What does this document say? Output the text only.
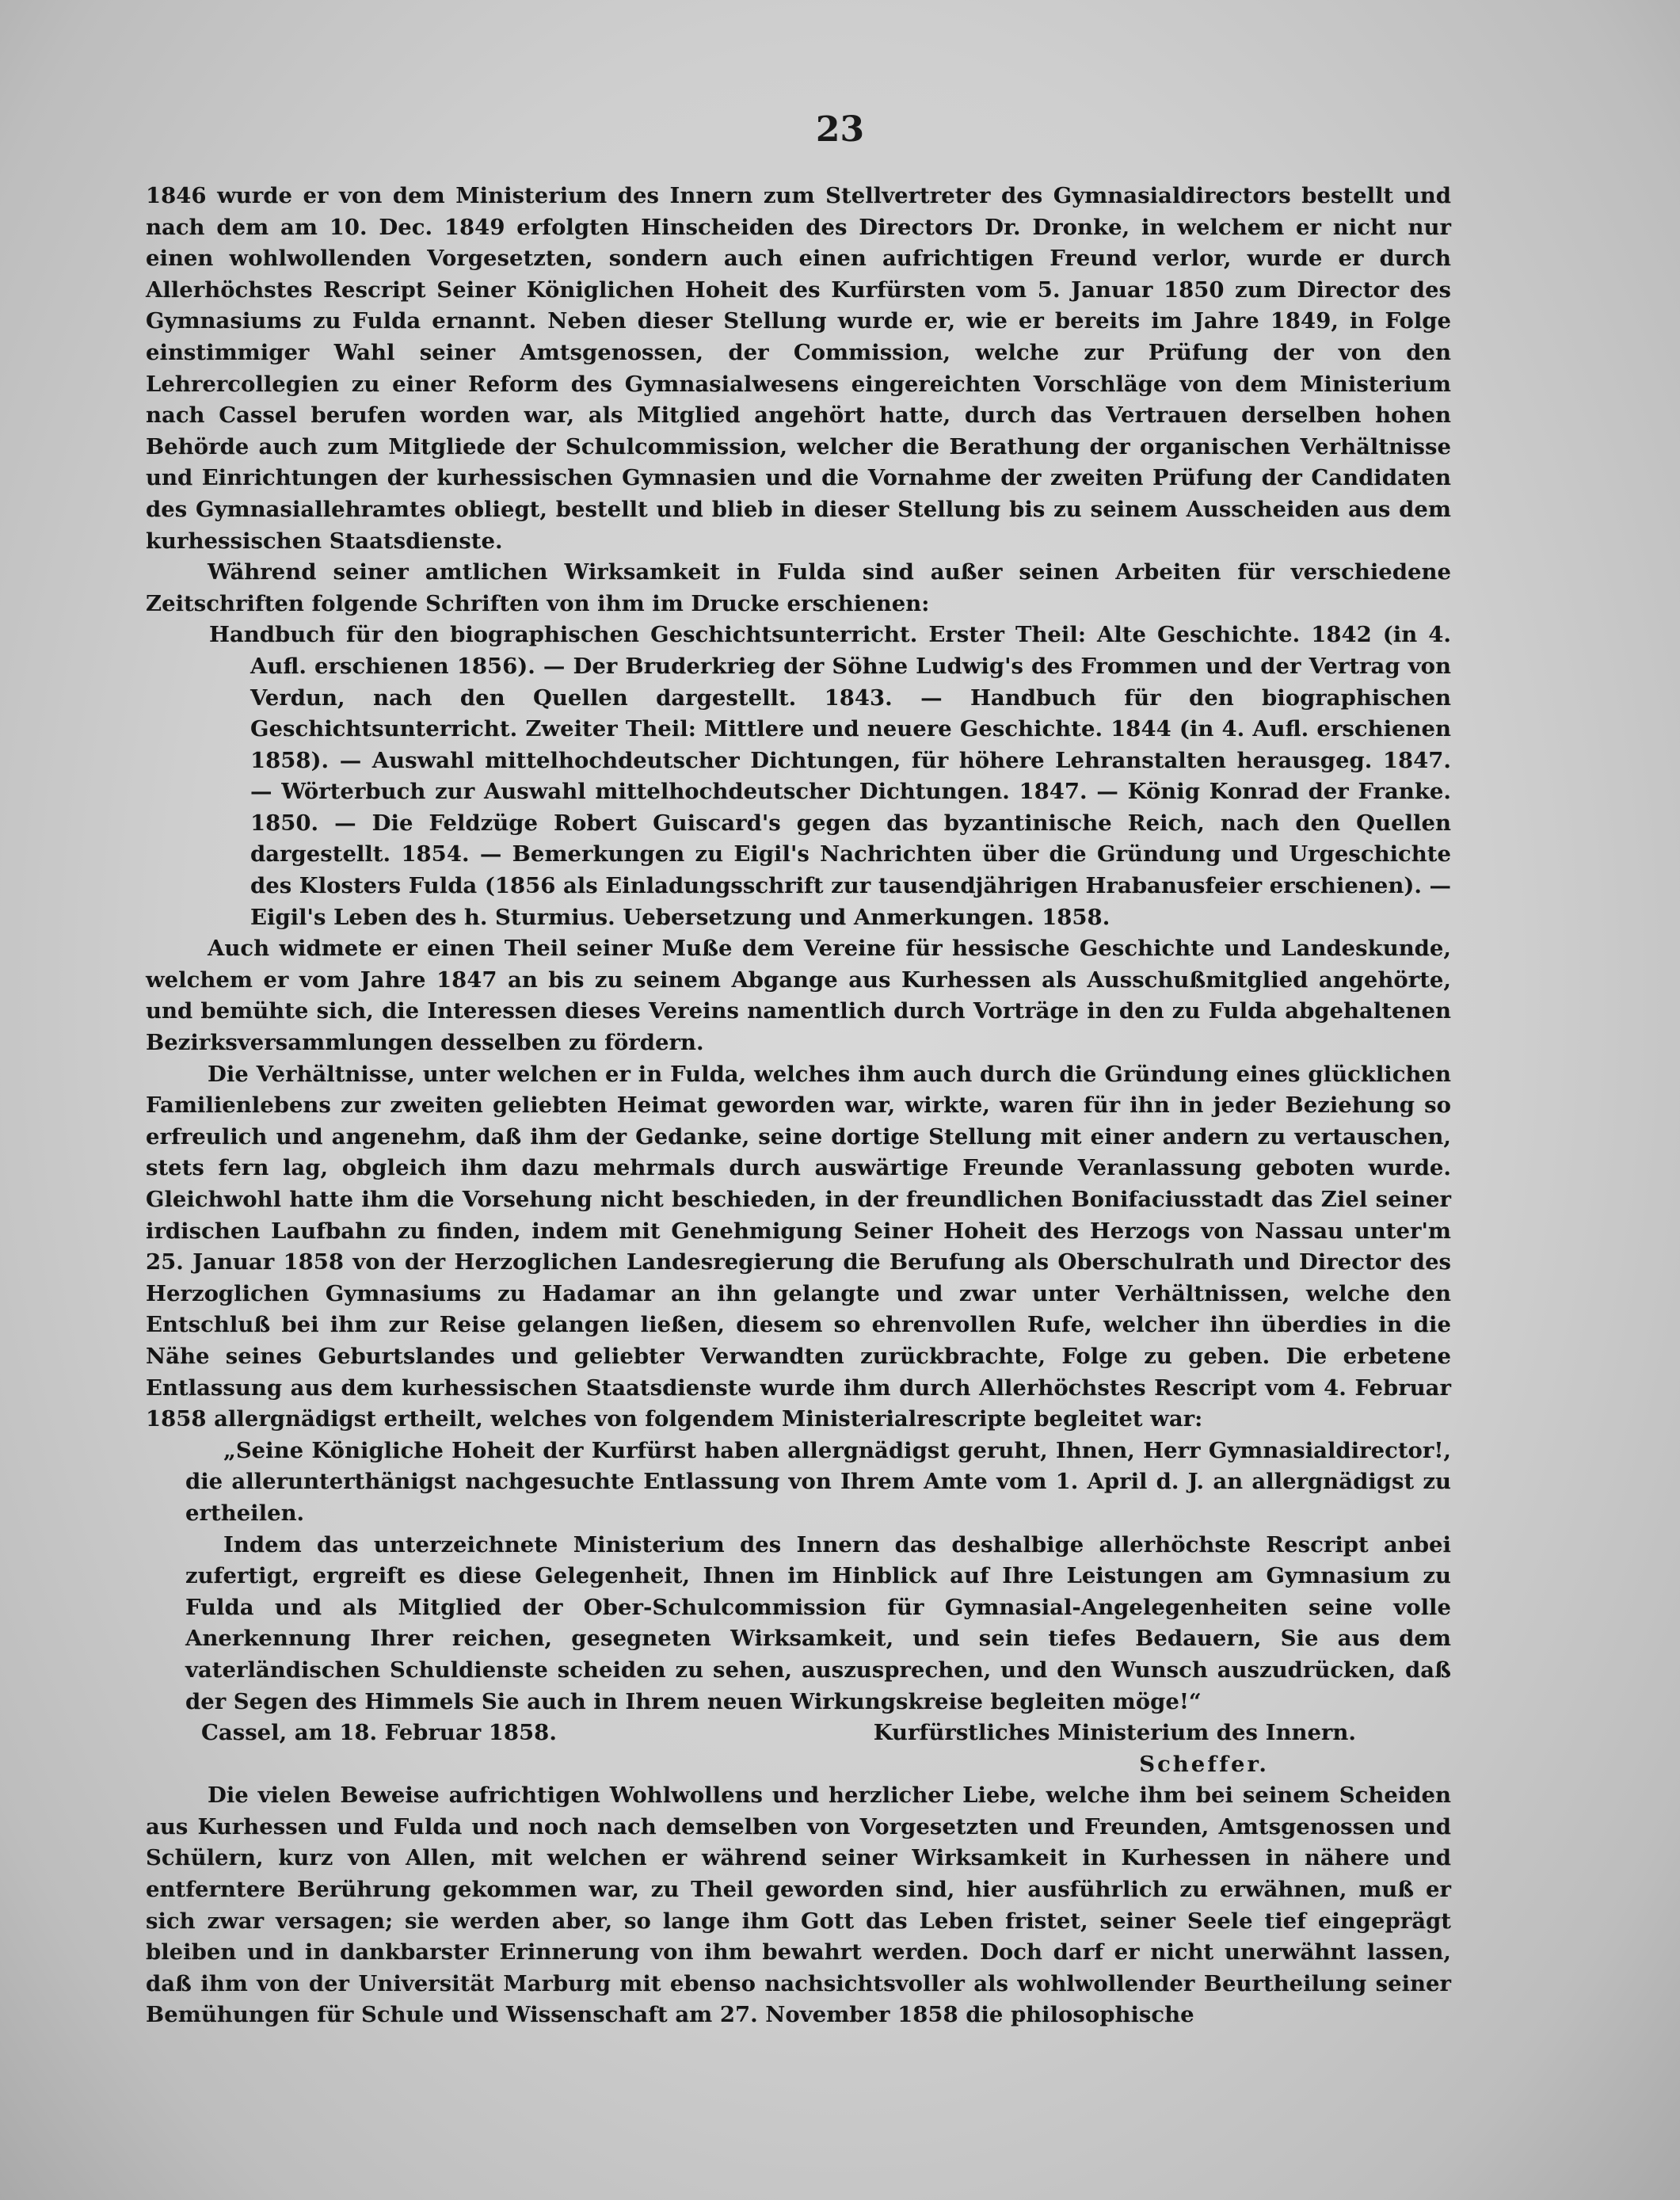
23

1846 wurde er von dem Ministerium des Innern zum Stellvertreter des Gymnasialdirectors bestellt und nach dem am 10. Dec. 1849 erfolgten Hinscheiden des Directors Dr. Dronke, in welchem er nicht nur einen wohlwollenden Vorgesetzten, sondern auch einen aufrichtigen Freund verlor, wurde er durch Allerhöchstes Rescript Seiner Königlichen Hoheit des Kurfürsten vom 5. Januar 1850 zum Director des Gymnasiums zu Fulda ernannt. Neben dieser Stellung wurde er, wie er bereits im Jahre 1849, in Folge einstimmiger Wahl seiner Amtsgenossen, der Commission, welche zur Prüfung der von den Lehrercollegien zu einer Reform des Gymnasialwesens eingereichten Vorschläge von dem Ministerium nach Cassel berufen worden war, als Mitglied angehört hatte, durch das Vertrauen derselben hohen Behörde auch zum Mitgliede der Schulcommission, welcher die Berathung der organischen Verhältnisse und Einrichtungen der kurhessischen Gymnasien und die Vornahme der zweiten Prüfung der Candidaten des Gymnasiallehramtes obliegt, bestellt und blieb in dieser Stellung bis zu seinem Ausscheiden aus dem kurhessischen Staatsdienste.

Während seiner amtlichen Wirksamkeit in Fulda sind außer seinen Arbeiten für verschiedene Zeitschriften folgende Schriften von ihm im Drucke erschienen:

Handbuch für den biographischen Geschichtsunterricht. Erster Theil: Alte Geschichte. 1842 (in 4. Aufl. erschienen 1856). — Der Bruderkrieg der Söhne Ludwig's des Frommen und der Vertrag von Verdun, nach den Quellen dargestellt. 1843. — Handbuch für den biographischen Geschichtsunterricht. Zweiter Theil: Mittlere und neuere Geschichte. 1844 (in 4. Aufl. erschienen 1858). — Auswahl mittelhochdeutscher Dichtungen, für höhere Lehranstalten herausgeg. 1847. — Wörterbuch zur Auswahl mittelhochdeutscher Dichtungen. 1847. — König Konrad der Franke. 1850. — Die Feldzüge Robert Guiscard's gegen das byzantinische Reich, nach den Quellen dargestellt. 1854. — Bemerkungen zu Eigil's Nachrichten über die Gründung und Urgeschichte des Klosters Fulda (1856 als Einladungsschrift zur tausendjährigen Hrabanusfeier erschienen). — Eigil's Leben des h. Sturmius. Uebersetzung und Anmerkungen. 1858.

Auch widmete er einen Theil seiner Muße dem Vereine für hessische Geschichte und Landeskunde, welchem er vom Jahre 1847 an bis zu seinem Abgange aus Kurhessen als Ausschußmitglied angehörte, und bemühte sich, die Interessen dieses Vereins namentlich durch Vorträge in den zu Fulda abgehaltenen Bezirksversammlungen desselben zu fördern.

Die Verhältnisse, unter welchen er in Fulda, welches ihm auch durch die Gründung eines glücklichen Familienlebens zur zweiten geliebten Heimat geworden war, wirkte, waren für ihn in jeder Beziehung so erfreulich und angenehm, daß ihm der Gedanke, seine dortige Stellung mit einer andern zu vertauschen, stets fern lag, obgleich ihm dazu mehrmals durch auswärtige Freunde Veranlassung geboten wurde. Gleichwohl hatte ihm die Vorsehung nicht beschieden, in der freundlichen Bonifaciusstadt das Ziel seiner irdischen Laufbahn zu finden, indem mit Genehmigung Seiner Hoheit des Herzogs von Nassau unter'm 25. Januar 1858 von der Herzoglichen Landesregierung die Berufung als Oberschulrath und Director des Herzoglichen Gymnasiums zu Hadamar an ihn gelangte und zwar unter Verhältnissen, welche den Entschluß bei ihm zur Reise gelangen ließen, diesem so ehrenvollen Rufe, welcher ihn überdies in die Nähe seines Geburtslandes und geliebter Verwandten zurückbrachte, Folge zu geben. Die erbetene Entlassung aus dem kurhessischen Staatsdienste wurde ihm durch Allerhöchstes Rescript vom 4. Februar 1858 allergnädigst ertheilt, welches von folgendem Ministerialrescripte begleitet war:

„Seine Königliche Hoheit der Kurfürst haben allergnädigst geruht, Ihnen, Herr Gymnasialdirector!, die allerunterthänigst nachgesuchte Entlassung von Ihrem Amte vom 1. April d. J. an allergnädigst zu ertheilen.

Indem das unterzeichnete Ministerium des Innern das deshalbige allerhöchste Rescript anbei zufertigt, ergreift es diese Gelegenheit, Ihnen im Hinblick auf Ihre Leistungen am Gymnasium zu Fulda und als Mitglied der Ober-Schulcommission für Gymnasial-Angelegenheiten seine volle Anerkennung Ihrer reichen, gesegneten Wirksamkeit, und sein tiefes Bedauern, Sie aus dem vaterländischen Schuldienste scheiden zu sehen, auszusprechen, und den Wunsch auszudrücken, daß der Segen des Himmels Sie auch in Ihrem neuen Wirkungskreise begleiten möge!“

Cassel, am 18. Februar 1858.	Kurfürstliches Ministerium des Innern.

Scheffer.

Die vielen Beweise aufrichtigen Wohlwollens und herzlicher Liebe, welche ihm bei seinem Scheiden aus Kurhessen und Fulda und noch nach demselben von Vorgesetzten und Freunden, Amtsgenossen und Schülern, kurz von Allen, mit welchen er während seiner Wirksamkeit in Kurhessen in nähere und entferntere Berührung gekommen war, zu Theil geworden sind, hier ausführlich zu erwähnen, muß er sich zwar versagen; sie werden aber, so lange ihm Gott das Leben fristet, seiner Seele tief eingeprägt bleiben und in dankbarster Erinnerung von ihm bewahrt werden. Doch darf er nicht unerwähnt lassen, daß ihm von der Universität Marburg mit ebenso nachsichtsvoller als wohlwollender Beurtheilung seiner Bemühungen für Schule und Wissenschaft am 27. November 1858 die philosophische
